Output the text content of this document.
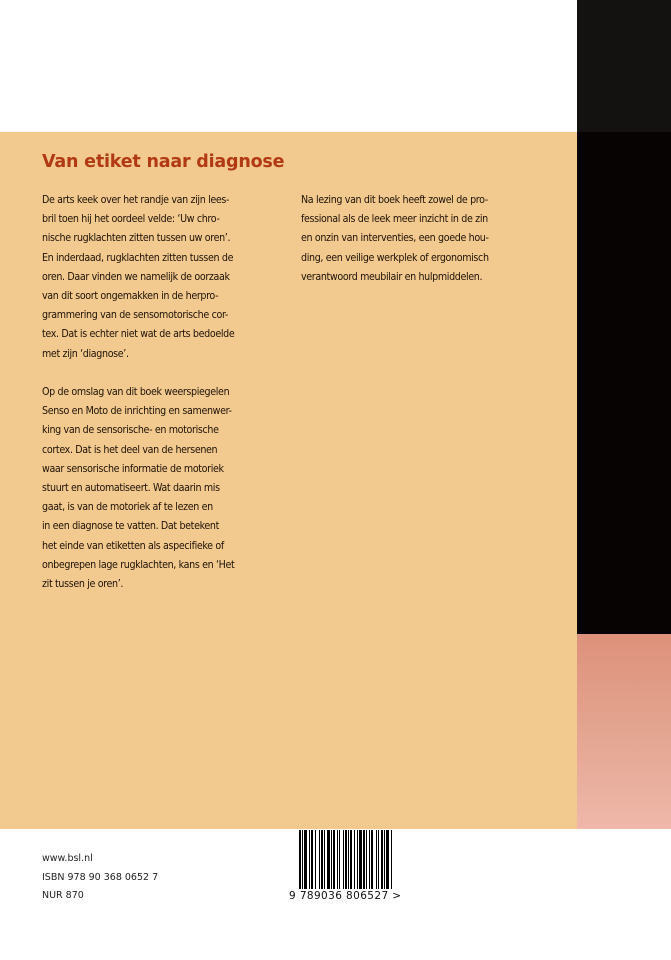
Van etiket naar diagnose

De arts keek over het randje van zijn lees-
bril toen hij het oordeel velde: ‘Uw chro-
nische rugklachten zitten tussen uw oren’.
En inderdaad, rugklachten zitten tussen de
oren. Daar vinden we namelijk de oorzaak
van dit soort ongemakken in de herpro-
grammering van de sensomotorische cor-
tex. Dat is echter niet wat de arts bedoelde
met zijn ‘diagnose’.

Op de omslag van dit boek weerspiegelen
Senso en Moto de inrichting en samenwer-
king van de sensorische- en motorische
cortex. Dat is het deel van de hersenen
waar sensorische informatie de motoriek
stuurt en automatiseert. Wat daarin mis
gaat, is van de motoriek af te lezen en
in een diagnose te vatten. Dat betekent
het einde van etiketten als aspecifieke of
onbegrepen lage rugklachten, kans en ‘Het
zit tussen je oren’.

Na lezing van dit boek heeft zowel de pro-
fessional als de leek meer inzicht in de zin
en onzin van interventies, een goede hou-
ding, een veilige werkplek of ergonomisch
verantwoord meubilair en hulpmiddelen.

www.bsl.nl
ISBN 978 90 368 0652 7
NUR 870	9 789036 806527 >
